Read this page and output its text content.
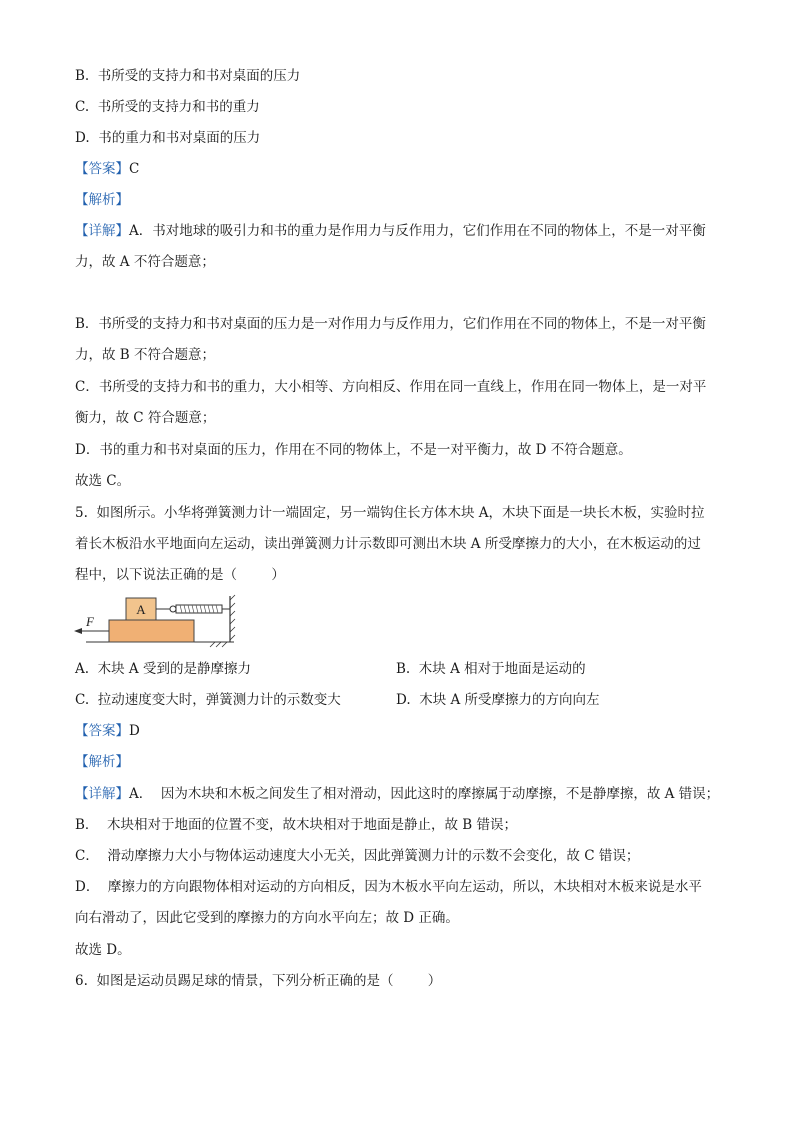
B.  书所受的支持力和书对桌面的压力
C.  书所受的支持力和书的重力
D.  书的重力和书对桌面的压力
【答案】C
【解析】
【详解】A．书对地球的吸引力和书的重力是作用力与反作用力，它们作用在不同的物体上，不是一对平衡
力，故 A 不符合题意；
B．书所受的支持力和书对桌面的压力是一对作用力与反作用力，它们作用在不同的物体上，不是一对平衡
力，故 B 不符合题意；
C．书所受的支持力和书的重力，大小相等、方向相反、作用在同一直线上，作用在同一物体上，是一对平
衡力，故 C 符合题意；
D．书的重力和书对桌面的压力，作用在不同的物体上，不是一对平衡力，故 D 不符合题意。
故选 C。
5.  如图所示。小华将弹簧测力计一端固定，另一端钩住长方体木块 A，木块下面是一块长木板，实验时拉
着长木板沿水平地面向左运动，读出弹簧测力计示数即可测出木块 A 所受摩擦力的大小，在木板运动的过
程中，以下说法正确的是（        ）
A
F
A.  木块 A 受到的是静摩擦力	B.  木块 A 相对于地面是运动的
C.  拉动速度变大时，弹簧测力计的示数变大	D.  木块 A 所受摩擦力的方向向左
【答案】D
【解析】
【详解】A．  因为木块和木板之间发生了相对滑动，因此这时的摩擦属于动摩擦，不是静摩擦，故 A 错误；
B．  木块相对于地面的位置不变，故木块相对于地面是静止，故 B 错误；
C．  滑动摩擦力大小与物体运动速度大小无关，因此弹簧测力计的示数不会变化，故 C 错误；
D．  摩擦力的方向跟物体相对运动的方向相反，因为木板水平向左运动，所以，木块相对木板来说是水平
向右滑动了，因此它受到的摩擦力的方向水平向左；故 D 正确。
故选 D。
6.  如图是运动员踢足球的情景，下列分析正确的是（        ）
